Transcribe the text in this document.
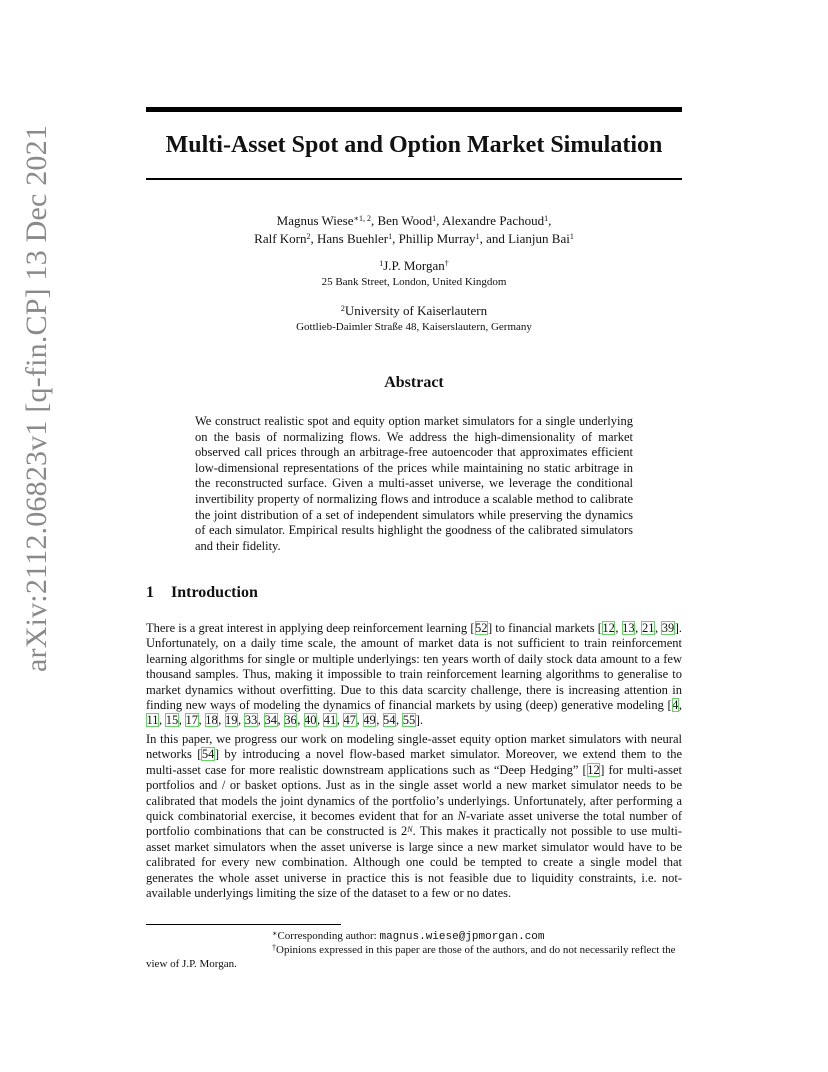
arXiv:2112.06823v1 [q-fin.CP] 13 Dec 2021	Multi-Asset Spot and Option Market Simulation
Magnus Wiese$^{∗1, 2}$, Ben Wood$^1$, Alexandre Pachoud$^1$,
Ralf Korn$^2$, Hans Buehler$^1$, Phillip Murray$^1$, and Lianjun Bai$^1$
$^1$J.P. Morgan†
25 Bank Street, London, United Kingdom
$^2$University of Kaiserlautern
Gottlieb-Daimler Straße 48, Kaiserslautern, Germany
Abstract
We construct realistic spot and equity option market simulators for a single underlying on the basis of normalizing flows. We address the high-dimensionality of market observed call prices through an arbitrage-free autoencoder that approximates efficient low-dimensional representations of the prices while maintaining no static arbitrage in the reconstructed surface. Given a multi-asset universe, we leverage the conditional invertibility property of normalizing flows and introduce a scalable method to calibrate the joint distribution of a set of independent simulators while preserving the dynamics of each simulator. Empirical results highlight the goodness of the calibrated simulators and their fidelity.
1 Introduction
There is a great interest in applying deep reinforcement learning [52] to financial markets [12, 13, 21, 39]. Unfortunately, on a daily time scale, the amount of market data is not sufficient to train reinforcement learning algorithms for single or multiple underlyings: ten years worth of daily stock data amount to a few thousand samples. Thus, making it impossible to train reinforcement learning algorithms to generalise to market dynamics without overfitting. Due to this data scarcity challenge, there is increasing attention in finding new ways of modeling the dynamics of financial markets by using (deep) generative modeling [4, 11, 15, 17, 18, 19, 33, 34, 36, 40, 41, 47, 49, 54, 55].
In this paper, we progress our work on modeling single-asset equity option market simulators with neural networks [54] by introducing a novel flow-based market simulator. Moreover, we extend them to the multi-asset case for more realistic downstream applications such as “Deep Hedging” [12] for multi-asset portfolios and / or basket options. Just as in the single asset world a new market simulator needs to be calibrated that models the joint dynamics of the portfolio’s underlyings. Unfortunately, after performing a quick combinatorial exercise, it becomes evident that for an N-variate asset universe the total number of portfolio combinations that can be constructed is $2^N$. This makes it practically not possible to use multi-asset market simulators when the asset universe is large since a new market simulator would have to be calibrated for every new combination. Although one could be tempted to create a single model that generates the whole asset universe in practice this is not feasible due to liquidity constraints, i.e. not-available underlyings limiting the size of the dataset to a few or no dates.
∗Corresponding author: magnus.wiese@jpmorgan.com
†Opinions expressed in this paper are those of the authors, and do not necessarily reflect the view of J.P. Morgan.
